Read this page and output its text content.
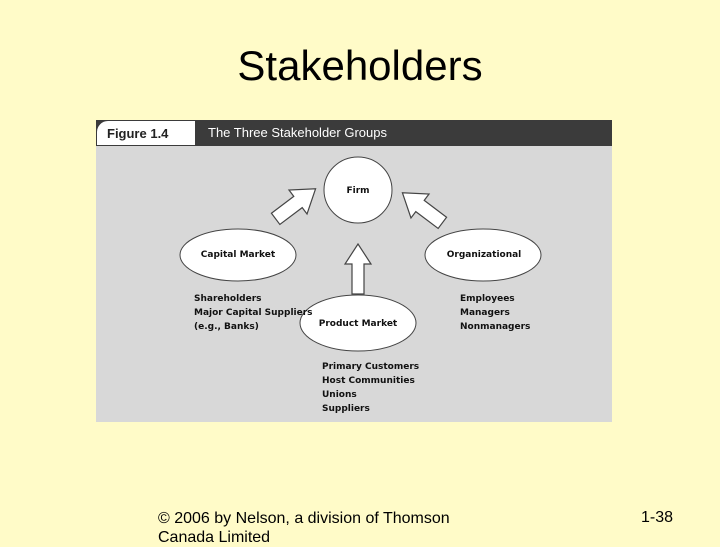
Stakeholders
Figure 1.4	The Three Stakeholder Groups
Firm
Capital Market	Organizational
Product Market
Shareholders
Major Capital Suppliers
(e.g., Banks)
Employees
Managers
Nonmanagers
Primary Customers
Host Communities
Unions
Suppliers
© 2006 by Nelson, a division of Thomson Canada Limited
1-38
